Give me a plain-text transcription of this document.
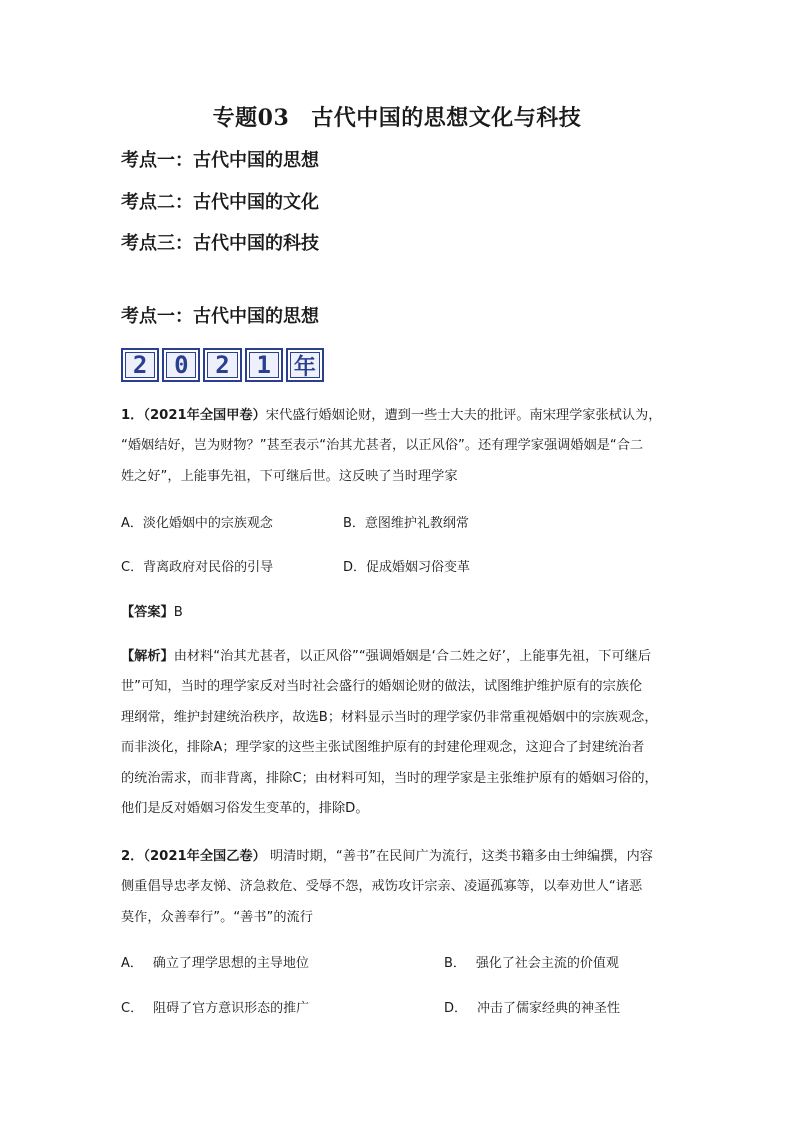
专题03 古代中国的思想文化与科技
考点一：古代中国的思想
考点二：古代中国的文化
考点三：古代中国的科技
考点一：古代中国的思想
2	0	2	1	年
1．（2021年全国甲卷）宋代盛行婚姻论财，遭到一些士大夫的批评。南宋理学家张栻认为，
“婚姻结好，岂为财物？”甚至表示“治其尤甚者，以正风俗”。还有理学家强调婚姻是“合二
姓之好”，上能事先祖，下可继后世。这反映了当时理学家
A．淡化婚姻中的宗族观念	B．意图维护礼教纲常
C．背离政府对民俗的引导	D．促成婚姻习俗变革
【答案】B
【解析】由材料“治其尤甚者，以正风俗”“强调婚姻是‘合二姓之好’，上能事先祖，下可继后
世”可知，当时的理学家反对当时社会盛行的婚姻论财的做法，试图维护维护原有的宗族伦
理纲常，维护封建统治秩序，故选B；材料显示当时的理学家仍非常重视婚姻中的宗族观念，
而非淡化，排除A；理学家的这些主张试图维护原有的封建伦理观念，这迎合了封建统治者
的统治需求，而非背离，排除C；由材料可知，当时的理学家是主张维护原有的婚姻习俗的，
他们是反对婚姻习俗发生变革的，排除D。
2．（2021年全国乙卷） 明清时期，“善书”在民间广为流行，这类书籍多由士绅编撰，内容
侧重倡导忠孝友悌、济急救危、受辱不怨，戒饬攻讦宗亲、凌逼孤寡等，以奉劝世人“诸恶
莫作，众善奉行”。“善书”的流行
A． 确立了理学思想的主导地位	B． 强化了社会主流的价值观
C． 阻碍了官方意识形态的推广	D． 冲击了儒家经典的神圣性
